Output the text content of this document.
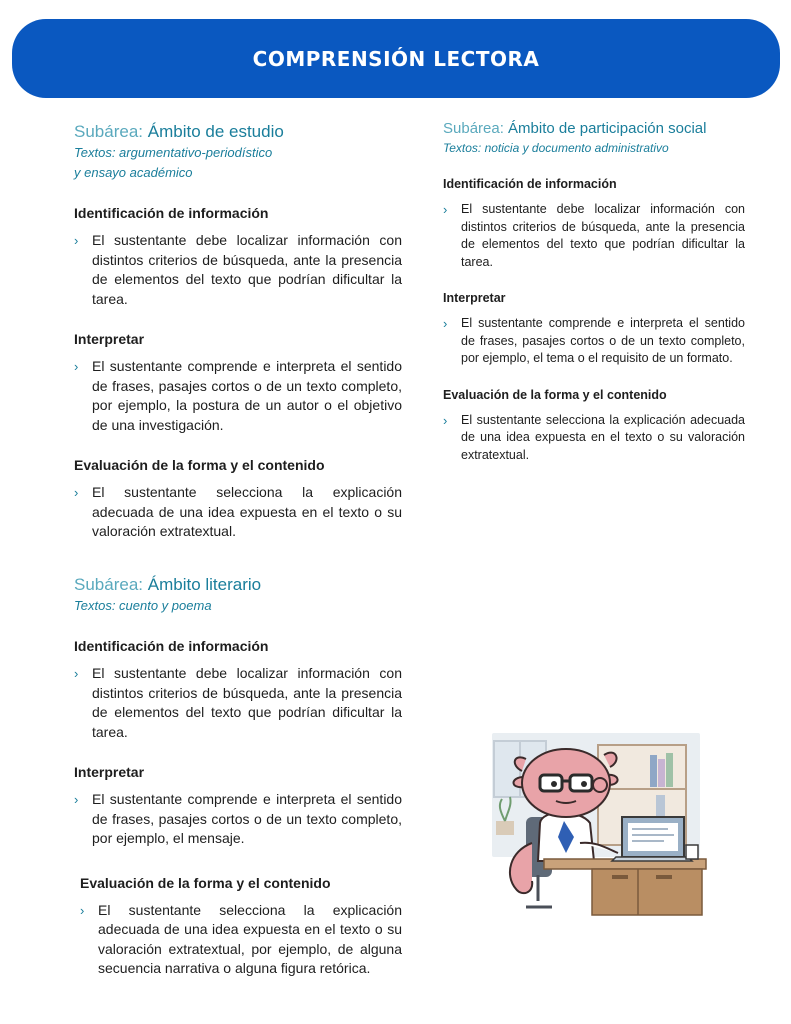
COMPRENSIÓN LECTORA
Subárea: Ámbito de estudio
Textos: argumentativo-periodístico
y ensayo académico
Identificación de información
› El sustentante debe localizar información con distintos criterios de búsqueda, ante la presencia de elementos del texto que podrían dificultar la tarea.
Interpretar
› El sustentante comprende e interpreta el sentido de frases, pasajes cortos o de un texto completo, por ejemplo, la postura de un autor o el objetivo de una investigación.
Evaluación de la forma y el contenido
› El sustentante selecciona la explicación adecuada de una idea expuesta en el texto o su valoración extratextual.
Subárea: Ámbito literario
Textos: cuento y poema
Identificación de información
› El sustentante debe localizar información con distintos criterios de búsqueda, ante la presencia de elementos del texto que podrían dificultar la tarea.
Interpretar
› El sustentante comprende e interpreta el sentido de frases, pasajes cortos o de un texto completo, por ejemplo, el mensaje.
Evaluación de la forma y el contenido
› El sustentante selecciona la explicación adecuada de una idea expuesta en el texto o su valoración extratextual, por ejemplo, de alguna secuencia narrativa o alguna figura retórica.
Subárea: Ámbito de participación social
Textos: noticia y documento administrativo
Identificación de información
›	El sustentante debe localizar información con distintos criterios de búsqueda, ante la presencia de elementos del texto que podrían dificultar la tarea.
Interpretar
›	El sustentante comprende e interpreta el sentido de frases, pasajes cortos o de un texto completo, por ejemplo, el tema o el requisito de un formato.
Evaluación de la forma y el contenido
›	El sustentante selecciona la explicación adecuada de una idea expuesta en el texto o su valoración extratextual.
